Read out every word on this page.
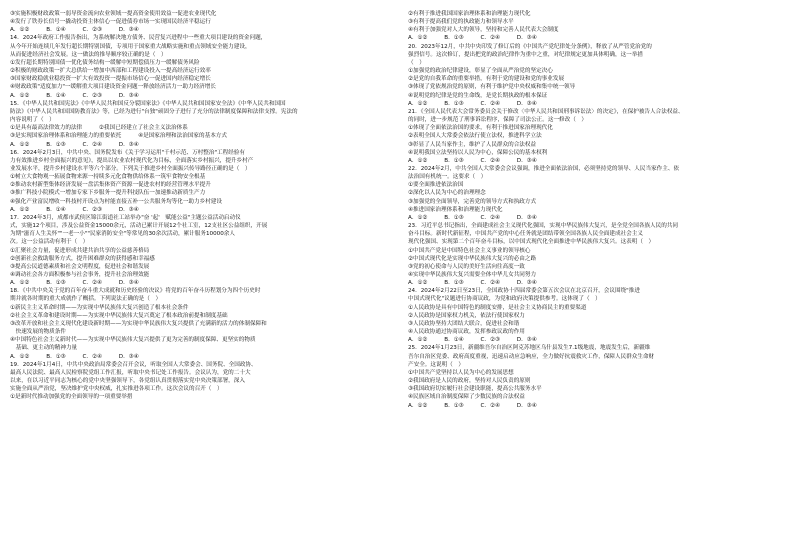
③实施积极财政政策一弱导资金流向农业领域一提高资金使用效益一促进农业现代化
④发行了铁券长信号一撬动投资主体信心一促进债券市场一实现国民经济平稳运行
A．①②　　　B．①④　　　C．②③　　　D．③④
14．2024年政府工作报告指出，为系统解决地方债务、民营复兴进程中一些重大项目建设的资金问题，
从今年开始连续几年发行超长期特别国债，专项用于国家重大战略实施和重点领域安全能力建设，
从而促进经济社会发展。这一做法的推导顺序较正确的是（　）
①发行超长期特别国债一优化债务结构一缓解中短期偿债压力一缓解债务风险
②积极的财政政策一扩大总供给一增加中西部和工程建设投入一提高经济运行效率
③国家财政稳就业稳投资一扩大有效投资一提振市场信心一促进国内经济稳定增长
④财政政策"适度加力"一缓解重大项目建设资金问题一释放经济活力一助力经济增长
A．①②　　　B．①④　　　C．②③　　　D．③④
15．《中华人民共和国宪法》《中华人民共和国反分裂国家法》《中华人民共和国国家安全法》《中华人民共和国国
防法》《中华人民共和国国防教育法》等，已经为进行"台独"顽固分子进行了充分的法律制度保障和法律支撑。宪法的
内容说明了（　）
①是具有最高法律效力的法律　　　②我国已经建立了社会主义法治体系
③是实现国家治理体系和治理能力的重要依托　　　④是国家治理和法治国家的基本方式
A．①②　　　B．①③　　　C．②④　　　D．③④
16．2024年2月3日，中共中央、国务院发布《关于学习运用"千村示范、万村整治"工程经验有
力有效推进乡村全面振兴的意见》，提出以农业农村现代化为目标，全面落实乡村振兴，提升乡村产
业发展水平，提升乡村建设水平等六个部分。下列关于推进乡村全面振兴传导路径正确的是（　）
①树立大食物观一拓展食物来源一持续多元化食物供给体系一筑牢食物安全根基
②推动农村新型集体经济发展一盘活集体资产资源一促进农村的经营管理水平提升
③推广科技小院模式一增加专家下乡服务一提升科技队伍一加速推动新质生产力
④强化产业富民增收一科技村开设点为村能直接五补一公共服务均等化一助力乡村建设
A．①②　　　B．①④　　　C．②③　　　D．③④
17．2024年3月，成都市武侯区锦江街道社工站举办"奋 '起'　赋能公益"主题公益活动启动仪
式，实施12个项目，涉及公益资金15000余元，活动已累计开展12个社工室，12支社区公益组织，开展
为期"滋育人生关怀""一老一小""民家消防安全"等常见的30余次活动，累计服务10000余人
次。这一公益活动有利于（　）
①汇聚社会力量，促进形成共建共治共享的公益慈善格局
②创新社会救助服务方式，提升困难群众的获得感和幸福感
③提高公民道德素质和社会文明程度，促进社会和谐发展
④调动社会各方面积极参与社会事务，提升社会治理效能
A．①②　　　B．①③　　　C．②④　　　D．③④
18．《中共中央关于党的百年奋斗重大成就和历史经验的决议》将党的百年奋斗历程划分为四个历史时
期并就各时期的重大成就作了概括。下列说法正确的是（　）
①新民主主义革命时期——为实现中华民族伟大复兴创造了根本社会条件
②社会主义革命和建设时期——为实现中华民族伟大复兴奠定了根本政治前提和制度基础
③改革开放和社会主义现代化建设新时期——为实现中华民族伟大复兴提供了充满新的活力的体制保障和
　快速发展的物质条件
④中国特色社会主义新时代——为实现中华民族伟大复兴提供了更为完善的制度保障、更坚实的物质
　基础、更主动的精神力量
A．①②　　　B．①③　　　C．②④　　　D．③④
19．2024年1月4日，中共中央政治局常委会召开会议，听取全国人大常委会、国务院、全国政协、
最高人民法院、最高人民检察院党组工作汇报，听取中央书记处工作报告。会议认为，党的二十大
以来，在以习近平同志为核心的党中央坚强领导下，各党组认真贯彻落实党中央决策部署，深入
实施全面从严治党，坚决维护党中央权威，扎实推进各项工作。这次会议的召开（　）
①是新时代推动加强党的全面领导的一项重要举措
②有利于推进我国国家治理体系和治理能力现代化　　　
③有利于提高我们党的执政能力和领导水平
④有利于加强党对人大的领导，坚持和完善人民代表大会制度
A．①②　　　B．①③　　　C．②④　　　D．③④
20．2023年12月，中共中央印发了修订后的《中国共产党纪律处分条例》，释放了从严管党治党的
强烈信号。这次修订，提出把党的政治纪律作为重中之重，对纪律规定更加具体明确，这一举措
（　）
①加强党的政治纪律建设，彰显了全面从严治党的坚定决心
②是党的自我革命的重要举措，有利于党的建设和党的事业发展
③体现了党依规治党的原则，有利于维护党中央权威和集中统一领导
④说明党的纪律是党的生命线，是党长期执政的根本保证
A．①②　　　B．①③　　　C．②④　　　D．③④
21．《全国人民代表大会常务委员会关于修改〈中华人民共和国刑事诉讼法〉的决定》，在保护被告人合法权益、
的同时，进一步规范了刑事诉讼程序，保障了司法公正。这一修改（　）
①体现了全面依法治国的要求，有利于推进国家治理现代化
②表明全国人大常委会依法行使立法权，推进科学立法
③彰显了人民当家作主，维护了人民群众的合法权益
④说明我国立法坚持以人民为中心，保障公民的基本权利
A．①②　　　B．①③　　　C．②④　　　D．③④
22．2024年2月，中共全国人大常委会会议强调，推进全面依法治国，必须坚持党的领导、人民当家作主、依
法治国有机统一。这要求（　）
①要全面推进依法治国
②深化以人民为中心的治理理念
③加强党的全面领导，完善党的领导方式和执政方式
④推进国家治理体系和治理能力现代化
A．①②　　　B．①③　　　C．②④　　　D．③④
23．习近平总书记指出，全面建成社会主义现代化强国，实现中华民族伟大复兴，是全党全国各族人民的共同
奋斗目标。新时代新征程，中国共产党的中心任务就是团结带领全国各族人民全面建成社会主义
现代化强国、实现第二个百年奋斗目标，以中国式现代化全面推进中华民族伟大复兴。这表明（　）
①中国共产党是中国特色社会主义事业的领导核心
②中国式现代化是实现中华民族伟大复兴的必由之路
③党的初心使命与人民的美好生活向往高度一致
④实现中华民族伟大复兴需要全体中华儿女共同努力
A．①②　　　B．①③　　　C．②④　　　D．③④
24．2024年2月22日至23日，全国政协十四届常委会第五次会议在北京召开，会议围绕"推进
中国式现代化"议题进行协商议政，为党和政府决策提供参考。这体现了（　）
①人民政协是具有中国特色的制度安排，是社会主义协商民主的重要渠道
②人民政协是国家权力机关，依法行使国家权力
③人民政协坚持大团结大联合，促进社会和谐
④人民政协通过协商议政，发挥参政议政的作用
A．①②　　　B．①④　　　C．②③　　　D．③④
25．2024年1月23日，新疆维吾尔自治区阿克苏地区乌什县发生7.1级地震，地震发生后，新疆维
吾尔自治区党委、政府高度重视，迅速启动应急响应，全力做好抗震救灾工作，保障人民群众生命财
产安全。这说明（　）
①中国共产党坚持以人民为中心的发展思想
②我国政府是人民的政府，坚持对人民负责的原则
③我国政府切实履行社会建设职能，提高公共服务水平
④民族区域自治制度保障了少数民族的合法权益
A．①②　　　B．①③　　　C．②④　　　D．③④
